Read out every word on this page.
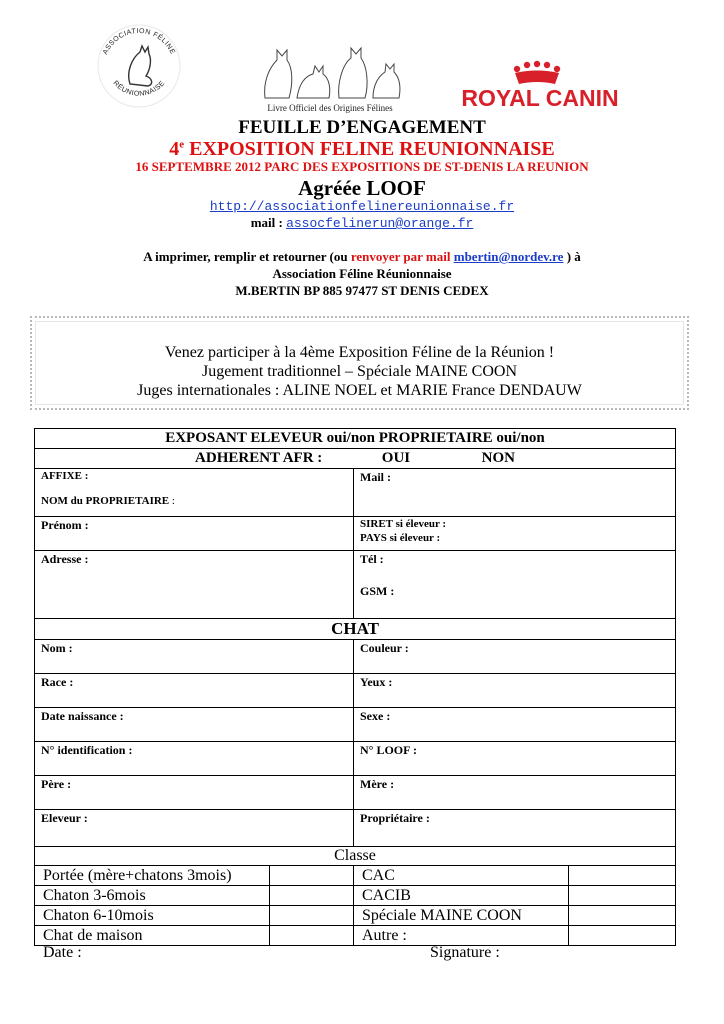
ASSOCIATION FÉLINE
RÉUNIONNAISE
Livre Officiel des Origines Félines	ROYAL CANIN
FEUILLE D’ENGAGEMENT
4e EXPOSITION FELINE REUNIONNAISE
16 SEPTEMBRE 2012 PARC DES EXPOSITIONS DE ST-DENIS LA REUNION
Agréée LOOF
http://associationfelinereunionnaise.fr
mail : assocfelinerun@orange.fr
A imprimer, remplir et retourner (ou renvoyer par mail mbertin@nordev.re ) à
Association Féline Réunionnaise
M.BERTIN BP 885 97477 ST DENIS CEDEX
Venez participer à la 4ème Exposition Féline de la Réunion !
Jugement traditionnel – Spéciale MAINE COON
Juges internationales : ALINE NOEL et MARIE France DENDAUW
EXPOSANT ELEVEUR oui/non PROPRIETAIRE oui/non			
ADHERENT AFR : OUI NON			

AFFIXE :
NOM du PROPRIETAIRE :		Mail :	
Prénom :		SIRET si éleveur :
PAYS si éleveur :	

Adresse :		Tél :
GSM :	

CHAT			
Nom :		Couleur :	
Race :		Yeux :	
Date naissance :		Sexe :	
N° identification :		N° LOOF :	
Père :		Mère :	
Eleveur :		Propriétaire :	
Classe			
Portée (mère+chatons 3mois)		CAC	
Chaton 3-6mois		CACIB	
Chaton 6-10mois		Spéciale MAINE COON	
Chat de maison		Autre :	
Date :	Signature :
